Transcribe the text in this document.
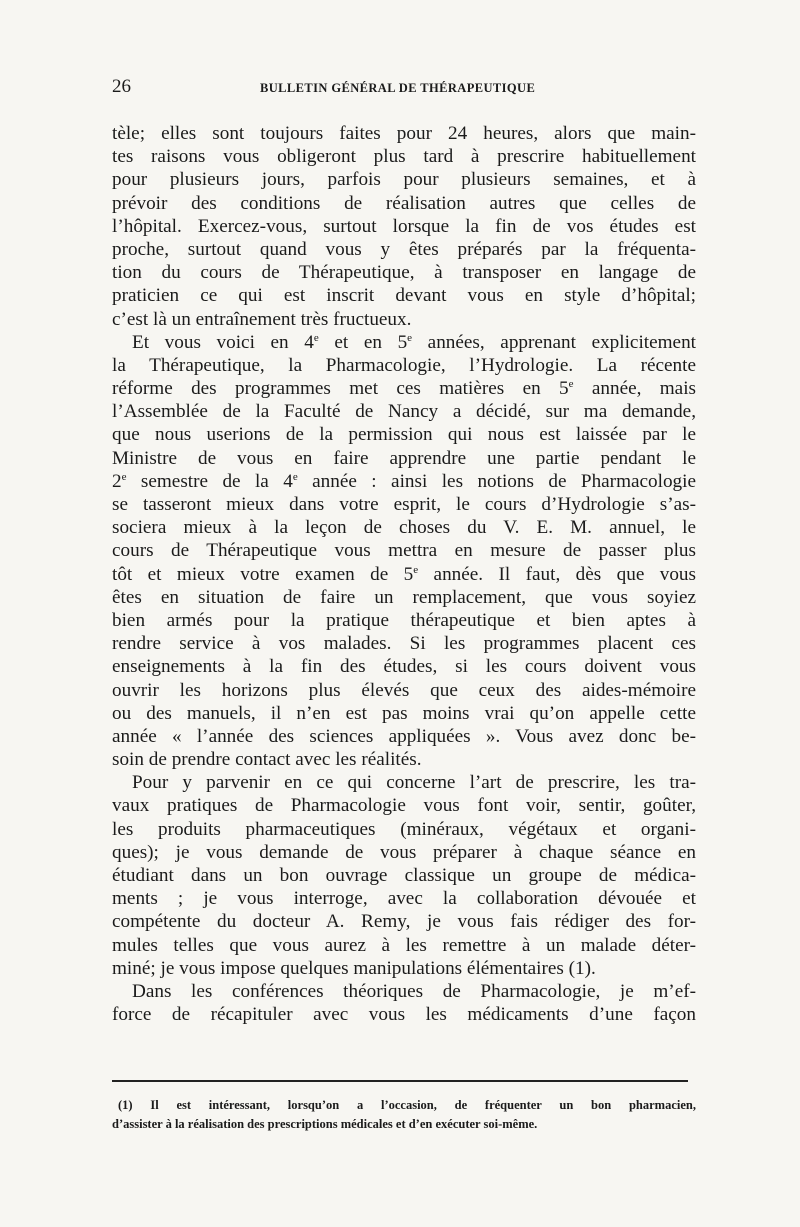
26	BULLETIN GÉNÉRAL DE THÉRAPEUTIQUE
tèle; elles sont toujours faites pour 24 heures, alors que main-
tes raisons vous obligeront plus tard à prescrire habituellement
pour plusieurs jours, parfois pour plusieurs semaines, et à
prévoir des conditions de réalisation autres que celles de
l’hôpital. Exercez-vous, surtout lorsque la fin de vos études est
proche, surtout quand vous y êtes préparés par la fréquenta-
tion du cours de Thérapeutique, à transposer en langage de
praticien ce qui est inscrit devant vous en style d’hôpital;
c’est là un entraînement très fructueux.
Et vous voici en 4e et en 5e années, apprenant explicitement
la Thérapeutique, la Pharmacologie, l’Hydrologie. La récente
réforme des programmes met ces matières en 5e année, mais
l’Assemblée de la Faculté de Nancy a décidé, sur ma demande,
que nous userions de la permission qui nous est laissée par le
Ministre de vous en faire apprendre une partie pendant le
2e semestre de la 4e année : ainsi les notions de Pharmacologie
se tasseront mieux dans votre esprit, le cours d’Hydrologie s’as-
sociera mieux à la leçon de choses du V. E. M. annuel, le
cours de Thérapeutique vous mettra en mesure de passer plus
tôt et mieux votre examen de 5e année. Il faut, dès que vous
êtes en situation de faire un remplacement, que vous soyiez
bien armés pour la pratique thérapeutique et bien aptes à
rendre service à vos malades. Si les programmes placent ces
enseignements à la fin des études, si les cours doivent vous
ouvrir les horizons plus élevés que ceux des aides-mémoire
ou des manuels, il n’en est pas moins vrai qu’on appelle cette
année « l’année des sciences appliquées ». Vous avez donc be-
soin de prendre contact avec les réalités.
Pour y parvenir en ce qui concerne l’art de prescrire, les tra-
vaux pratiques de Pharmacologie vous font voir, sentir, goûter,
les produits pharmaceutiques (minéraux, végétaux et organi-
ques); je vous demande de vous préparer à chaque séance en
étudiant dans un bon ouvrage classique un groupe de médica-
ments ; je vous interroge, avec la collaboration dévouée et
compétente du docteur A. Remy, je vous fais rédiger des for-
mules telles que vous aurez à les remettre à un malade déter-
miné; je vous impose quelques manipulations élémentaires (1).
Dans les conférences théoriques de Pharmacologie, je m’ef-
force de récapituler avec vous les médicaments d’une façon
(1) Il est intéressant, lorsqu’on a l’occasion, de fréquenter un bon pharmacien,
d’assister à la réalisation des prescriptions médicales et d’en exécuter soi-même.
